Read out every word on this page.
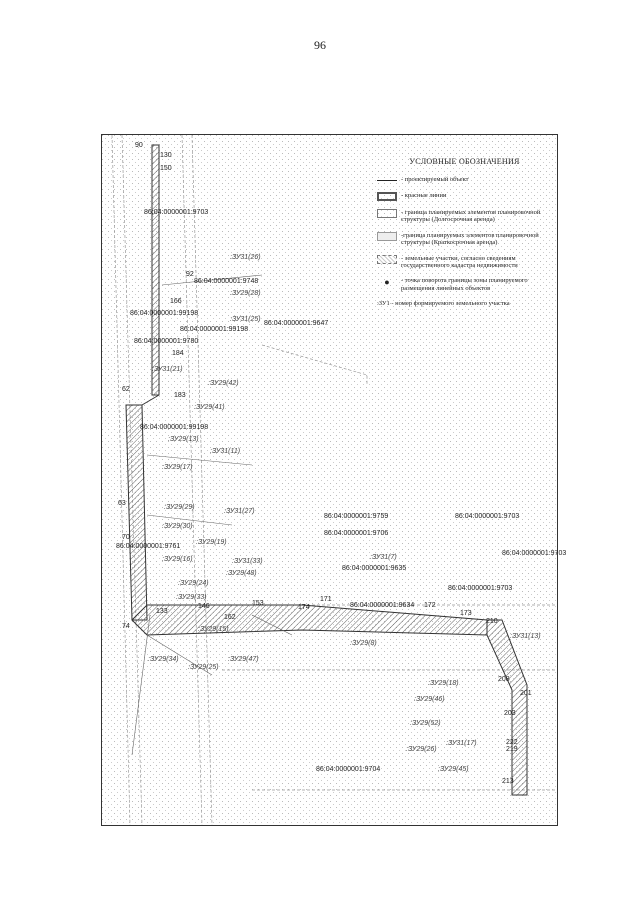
96
86:04:0000001:9703
86:04:0000001:9748
86:04:0000001:99198
86:04:0000001:99198
86:04:0000001:9647
86:04:0000001:9780
86:04:0000001:99198
86:04:0000001:9759	86:04:0000001:9703
86:04:0000001:9706
86:04:0000001:9761
86:04:0000001:9635
86:04:0000001:9703
86:04:0000001:9634
86:04:0000001:9704
86:04:0000001:9703
:ЗУ31(26)
:ЗУ29(28)
:ЗУ31(25)
:ЗУ31(21)
:ЗУ29(42)
:ЗУ29(41)
:ЗУ29(13)
:ЗУ31(11)
:ЗУ29(17)
:ЗУ29(29)
:ЗУ31(27)
:ЗУ29(30)
:ЗУ29(19)
:ЗУ29(16)	:ЗУ31(33)
:ЗУ29(48)
:ЗУ31(7)
:ЗУ29(24)
:ЗУ29(33)
:ЗУ29(15)
:ЗУ29(8)
:ЗУ29(34)
:ЗУ29(25)
:ЗУ29(47)
:ЗУ31(13)
:ЗУ29(18)
:ЗУ29(46)
:ЗУ29(52)
:ЗУ29(26)
:ЗУ31(17)
:ЗУ29(45)
90
130
150
92
166
184
62
183
63
70
74
133
146	153
162
171
174	172
173
210
208
201
203
222
219
213
УСЛОВНЫЕ ОБОЗНАЧЕНИЯ
- проектируемый объект
- красные линии
- граница планируемых элементов планировочной структуры (Долгосрочная аренда)
-граница планируемых элементов планировочной структуры (Краткосрочная аренда)
- земельные участки, согласно сведениям государственного кадастра недвижимости
●	- точка поворота границы зоны планируемого размещения линейных объектов
:ЗУ1 - номер формируемого земельного участка
